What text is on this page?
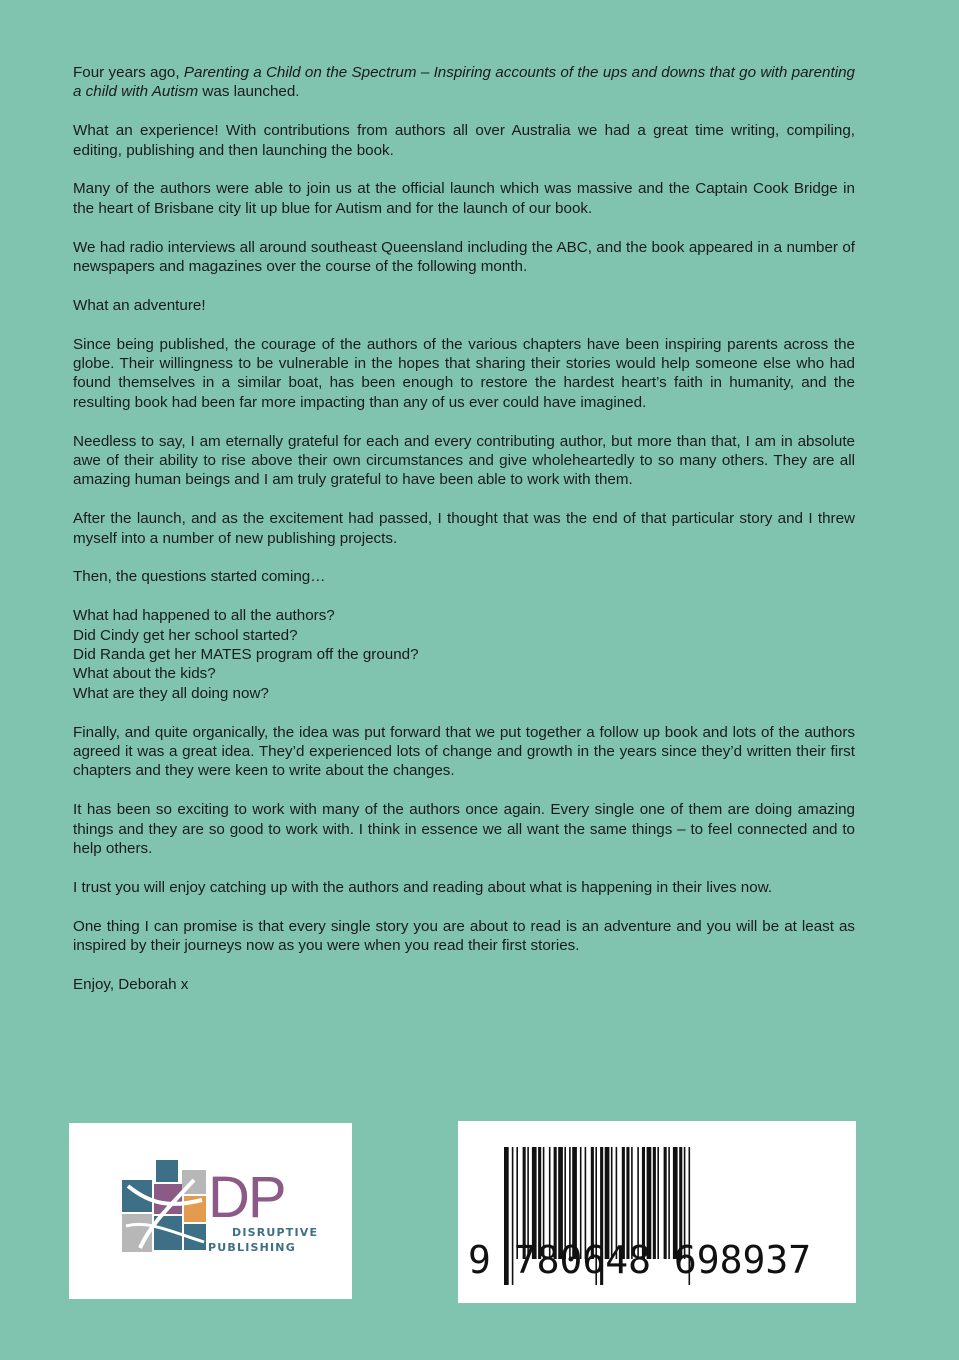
Four years ago, Parenting a Child on the Spectrum – Inspiring accounts of the ups and downs that go with parenting a child with Autism was launched.

What an experience! With contributions from authors all over Australia we had a great time writing, compiling, editing, publishing and then launching the book.

Many of the authors were able to join us at the official launch which was massive and the Captain Cook Bridge in the heart of Brisbane city lit up blue for Autism and for the launch of our book.

We had radio interviews all around southeast Queensland including the ABC, and the book appeared in a number of newspapers and magazines over the course of the following month.

What an adventure!

Since being published, the courage of the authors of the various chapters have been inspiring parents across the globe. Their willingness to be vulnerable in the hopes that sharing their stories would help someone else who had found themselves in a similar boat, has been enough to restore the hardest heart’s faith in humanity, and the resulting book had been far more impacting than any of us ever could have imagined.

Needless to say, I am eternally grateful for each and every contributing author, but more than that, I am in absolute awe of their ability to rise above their own circumstances and give wholeheartedly to so many others. They are all amazing human beings and I am truly grateful to have been able to work with them.

After the launch, and as the excitement had passed, I thought that was the end of that particular story and I threw myself into a number of new publishing projects.

Then, the questions started coming…

What had happened to all the authors?
Did Cindy get her school started?
Did Randa get her MATES program off the ground?
What about the kids?
What are they all doing now?

Finally, and quite organically, the idea was put forward that we put together a follow up book and lots of the authors agreed it was a great idea. They’d experienced lots of change and growth in the years since they’d written their first chapters and they were keen to write about the changes.

It has been so exciting to work with many of the authors once again. Every single one of them are doing amazing things and they are so good to work with. I think in essence we all want the same things – to feel connected and to help others.

I trust you will enjoy catching up with the authors and reading about what is happening in their lives now.

One thing I can promise is that every single story you are about to read is an adventure and you will be at least as inspired by their journeys now as you were when you read their first stories.

Enjoy, Deborah x

DP
DISRUPTIVE
PUBLISHING	9 780648 698937
